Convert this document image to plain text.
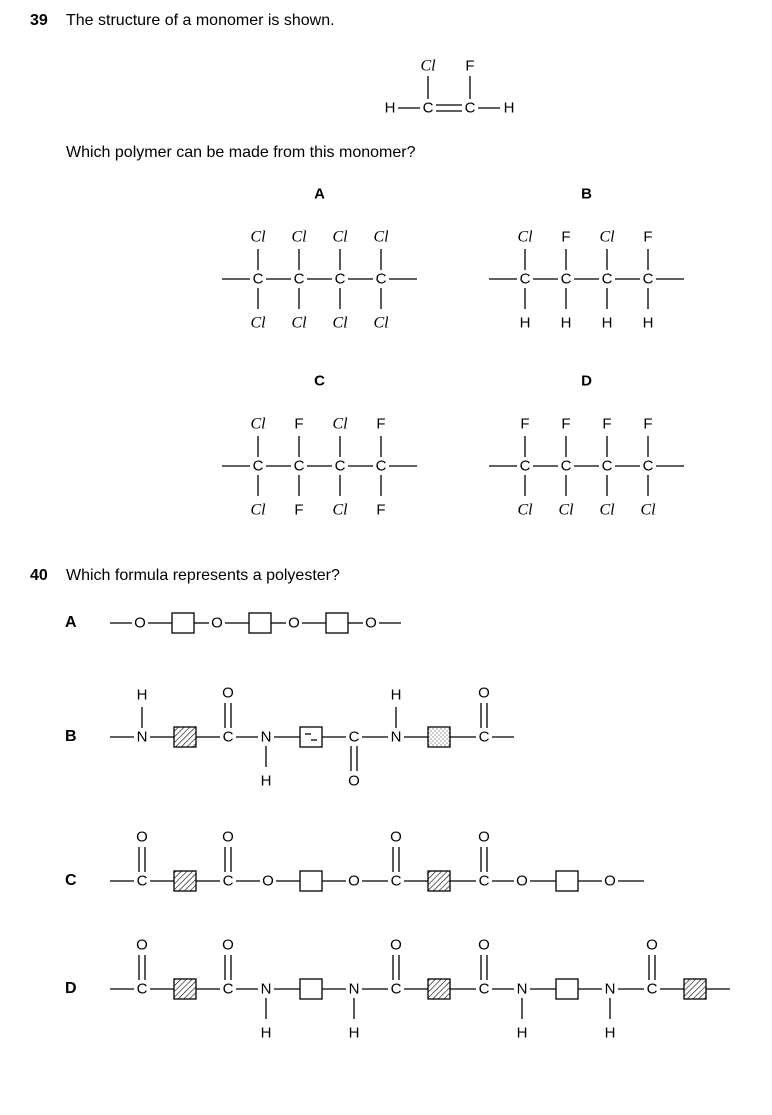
39 The structure of a monomer is shown.
Which polymer can be made from this monomer?
40 Which formula represents a polyester?
A
B
C
D
H C C H
Cl F
A
C
Cl
Cl
C
Cl
Cl
C
Cl
Cl
C
Cl
Cl
B
C
Cl
H
C
F
H
C
Cl
H
C
F
H
C
C
Cl
Cl
C
F
F
C
Cl
Cl
C
F
F
D
C
F
Cl
C
F
Cl
C
F
Cl
C
F
Cl
O	O	O	O
N
H
C
O
N
H
C
O
N
H
C
O
C
O
C
O
O	O C
O
C
O
O	O
C
O
C
O
N
H
N
H
C
O
C
O
N
H
N
H
C
O
